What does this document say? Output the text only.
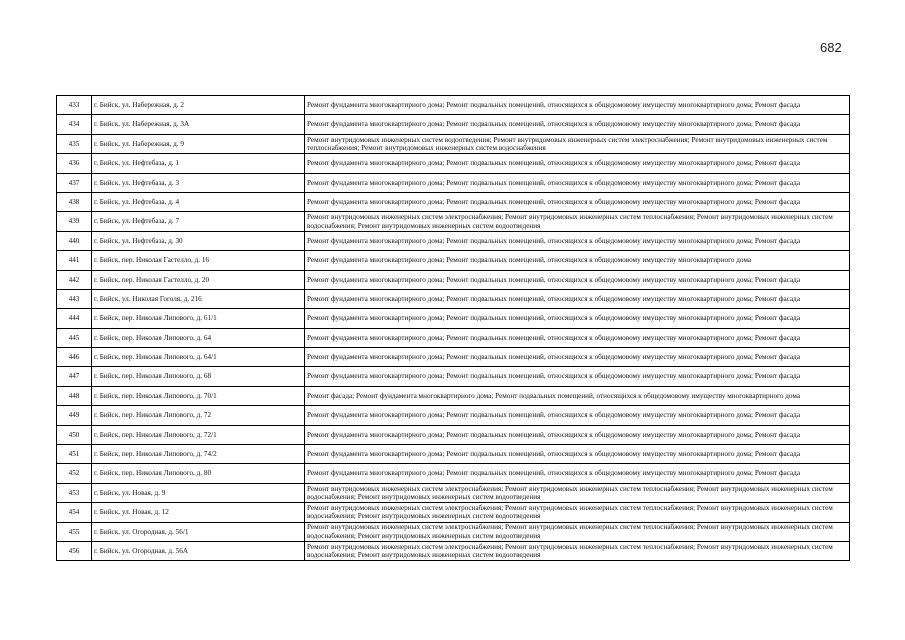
682
433	г. Бийск, ул. Набережная, д. 2	Ремонт фундамента многоквартирного дома; Ремонт подвальных помещений, относящихся к общедомовому имуществу многоквартирного дома; Ремонт фасада

434	г. Бийск, ул. Набережная, д. 3А	Ремонт фундамента многоквартирного дома; Ремонт подвальных помещений, относящихся к общедомовому имуществу многоквартирного дома; Ремонт фасада

435	г. Бийск, ул. Набережная, д. 9	Ремонт внутридомовых инженерных систем водоотведения; Ремонт внутридомовых инженерных систем электроснабжения; Ремонт внутридомовых инженерных систем теплоснабжения; Ремонт внутридомовых инженерных систем водоснабжения

436	г. Бийск, ул. Нефтебаза, д. 1	Ремонт фундамента многоквартирного дома; Ремонт подвальных помещений, относящихся к общедомовому имуществу многоквартирного дома; Ремонт фасада

437	г. Бийск, ул. Нефтебаза, д. 3	Ремонт фундамента многоквартирного дома; Ремонт подвальных помещений, относящихся к общедомовому имуществу многоквартирного дома; Ремонт фасада

438	г. Бийск, ул. Нефтебаза, д. 4	Ремонт фундамента многоквартирного дома; Ремонт подвальных помещений, относящихся к общедомовому имуществу многоквартирного дома; Ремонт фасада

439	г. Бийск, ул. Нефтебаза, д. 7	Ремонт внутридомовых инженерных систем электроснабжения; Ремонт внутридомовых инженерных систем теплоснабжения; Ремонт внутридомовых инженерных систем водоснабжения; Ремонт внутридомовых инженерных систем водоотведения

440	г. Бийск, ул. Нефтебаза, д. 30	Ремонт фундамента многоквартирного дома; Ремонт подвальных помещений, относящихся к общедомовому имуществу многоквартирного дома; Ремонт фасада

441	г. Бийск, пер. Николая Гастелло, д. 16	Ремонт фундамента многоквартирного дома; Ремонт подвальных помещений, относящихся к общедомовому имуществу многоквартирного дома

442	г. Бийск, пер. Николая Гастелло, д. 20	Ремонт фундамента многоквартирного дома; Ремонт подвальных помещений, относящихся к общедомовому имуществу многоквартирного дома; Ремонт фасада

443	г. Бийск, ул. Николая Гоголя, д. 216	Ремонт фундамента многоквартирного дома; Ремонт подвальных помещений, относящихся к общедомовому имуществу многоквартирного дома; Ремонт фасада

444	г. Бийск, пер. Николая Липового, д. 61/1	Ремонт фундамента многоквартирного дома; Ремонт подвальных помещений, относящихся к общедомовому имуществу многоквартирного дома; Ремонт фасада

445	г. Бийск, пер. Николая Липового, д. 64	Ремонт фундамента многоквартирного дома; Ремонт подвальных помещений, относящихся к общедомовому имуществу многоквартирного дома; Ремонт фасада

446	г. Бийск, пер. Николая Липового, д. 64/1	Ремонт фундамента многоквартирного дома; Ремонт подвальных помещений, относящихся к общедомовому имуществу многоквартирного дома; Ремонт фасада

447	г. Бийск, пер. Николая Липового, д. 68	Ремонт фундамента многоквартирного дома; Ремонт подвальных помещений, относящихся к общедомовому имуществу многоквартирного дома; Ремонт фасада

448	г. Бийск, пер. Николая Липового, д. 70/1	Ремонт фасада; Ремонт фундамента многоквартирного дома; Ремонт подвальных помещений, относящихся к общедомовому имуществу многоквартирного дома

449	г. Бийск, пер. Николая Липового, д. 72	Ремонт фундамента многоквартирного дома; Ремонт подвальных помещений, относящихся к общедомовому имуществу многоквартирного дома; Ремонт фасада

450	г. Бийск, пер. Николая Липового, д. 72/1	Ремонт фундамента многоквартирного дома; Ремонт подвальных помещений, относящихся к общедомовому имуществу многоквартирного дома; Ремонт фасада

451	г. Бийск, пер. Николая Липового, д. 74/2	Ремонт фундамента многоквартирного дома; Ремонт подвальных помещений, относящихся к общедомовому имуществу многоквартирного дома; Ремонт фасада

452	г. Бийск, пер. Николая Липового, д. 80	Ремонт фундамента многоквартирного дома; Ремонт подвальных помещений, относящихся к общедомовому имуществу многоквартирного дома; Ремонт фасада

453	г. Бийск, ул. Новая, д. 9	Ремонт внутридомовых инженерных систем электроснабжения; Ремонт внутридомовых инженерных систем теплоснабжения; Ремонт внутридомовых инженерных систем водоснабжения; Ремонт внутридомовых инженерных систем водоотведения

454	г. Бийск, ул. Новая, д. 12	Ремонт внутридомовых инженерных систем электроснабжения; Ремонт внутридомовых инженерных систем теплоснабжения; Ремонт внутридомовых инженерных систем водоснабжения; Ремонт внутридомовых инженерных систем водоотведения

455	г. Бийск, ул. Огородная, д. 56/1	Ремонт внутридомовых инженерных систем электроснабжения; Ремонт внутридомовых инженерных систем теплоснабжения; Ремонт внутридомовых инженерных систем водоснабжения; Ремонт внутридомовых инженерных систем водоотведения

456	г. Бийск, ул. Огородная, д. 56А	Ремонт внутридомовых инженерных систем электроснабжения; Ремонт внутридомовых инженерных систем теплоснабжения; Ремонт внутридомовых инженерных систем водоснабжения; Ремонт внутридомовых инженерных систем водоотведения
